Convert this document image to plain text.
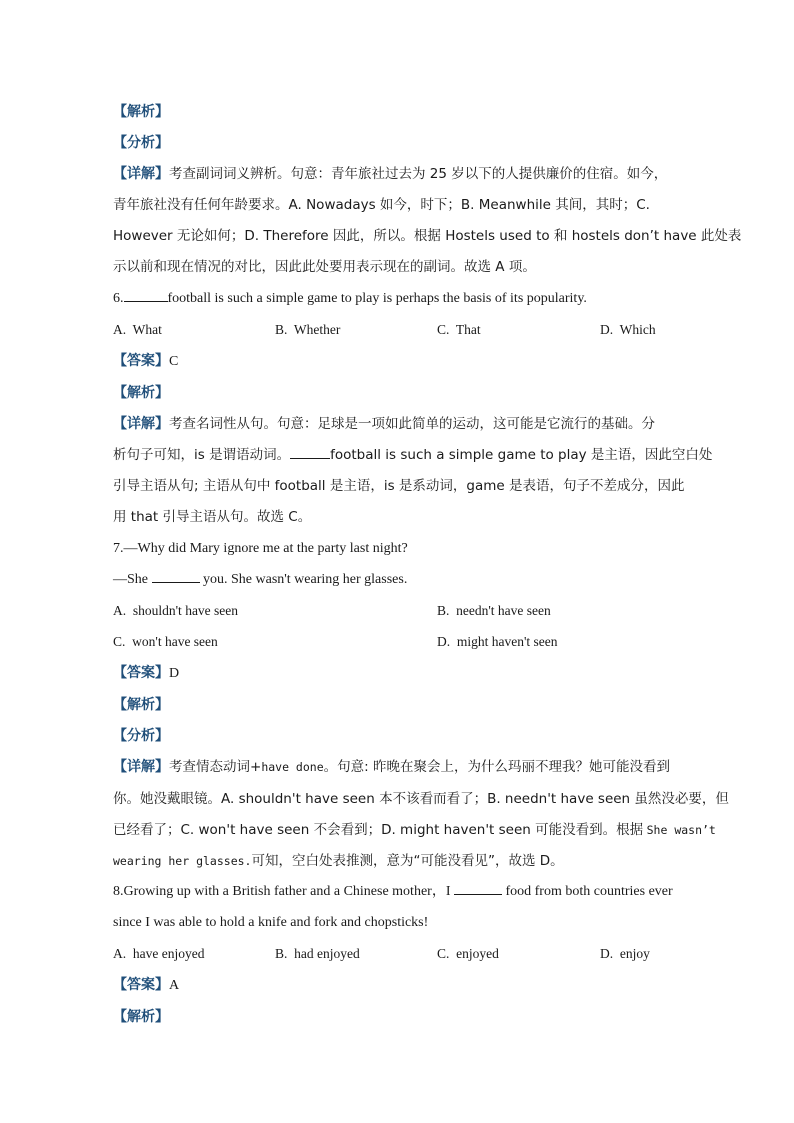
【解析】
【分析】
【详解】考查副词词义辨析。句意：青年旅社过去为 25 岁以下的人提供廉价的住宿。如今，
青年旅社没有任何年龄要求。A. Nowadays 如今，时下；B. Meanwhile 其间，其时；C.
However 无论如何；D. Therefore 因此，所以。根据 Hostels used to 和 hostels don’t have 此处表
示以前和现在情况的对比，因此此处要用表示现在的副词。故选 A 项。
6.	football is such a simple game to play is perhaps the basis of its popularity.
A. What	B. Whether	C. That	D. Which
【答案】C
【解析】
【详解】考查名词性从句。句意：足球是一项如此简单的运动，这可能是它流行的基础。分
析句子可知，is 是谓语动词。	football is such a simple game to play 是主语，因此空白处
引导主语从句; 主语从句中 football 是主语，is 是系动词，game 是表语，句子不差成分，因此
用 that 引导主语从句。故选 C。
7.—Why did Mary ignore me at the party last night?
—She	you. She wasn't wearing her glasses.
A. shouldn't have seen	B. needn't have seen
C. won't have seen	D. might haven't seen
【答案】D
【解析】
【分析】
【详解】考查情态动词+have done。句意: 昨晚在聚会上，为什么玛丽不理我？她可能没看到
你。她没戴眼镜。A. shouldn't have seen 本不该看而看了；B. needn't have seen 虽然没必要，但
已经看了；C. won't have seen 不会看到；D. might haven't seen 可能没看到。根据 She wasn’t
wearing her glasses.可知，空白处表推测，意为“可能没看见”，故选 D。
8.Growing up with a British father and a Chinese mother，I	food from both countries ever
since I was able to hold a knife and fork and chopsticks!
A. have enjoyed	B. had enjoyed	C. enjoyed	D. enjoy
【答案】A
【解析】
